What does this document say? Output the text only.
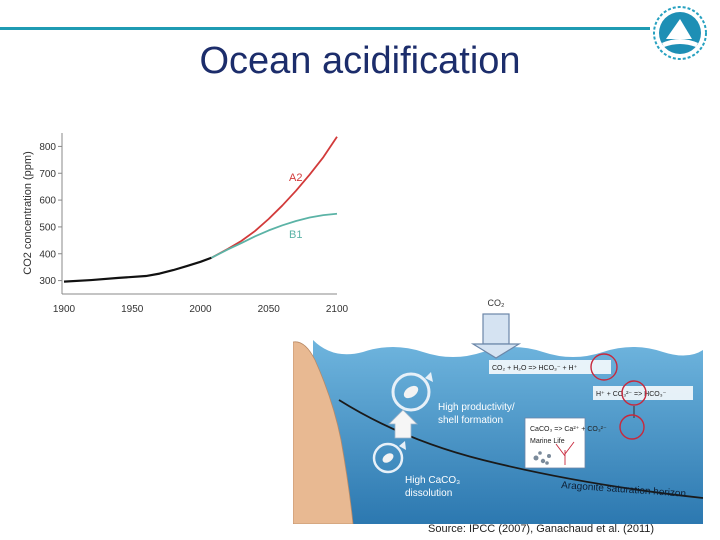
Ocean acidification
300
400
500
600
700
800
1900	1950	2000	2050	2100
CO2 concentration (ppm)	A2
B1
CO₂
CO₂ + H₂O => HCO₃⁻ + H⁺
H⁺ + CO₃²⁻ => HCO₃⁻
CaCO₃ => Ca²⁺ + CO₃²⁻
Marine Life
High productivity/
shell formation
High CaCO₃
dissolution	Aragonite saturation horizon
Source: IPCC (2007), Ganachaud et al. (2011)
